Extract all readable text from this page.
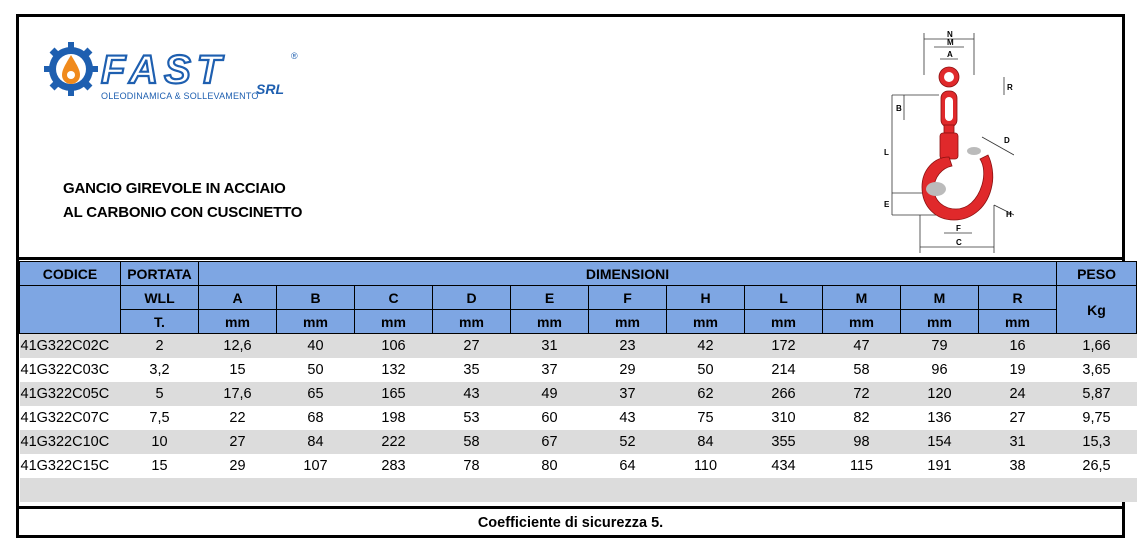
FAST SRL
®
OLEODINAMICA & SOLLEVAMENTO
GANCIO GIREVOLE IN ACCIAIO
AL CARBONIO CON CUSCINETTO
N
M
A
R
B
L
D
E
H
F
C
CODICE	PORTATA	DIMENSIONI											PESO
	WLL	A	B	C	D	E	F	H	L	M	M	R	Kg
	T.	mm	mm	mm	mm	mm	mm	mm	mm	mm	mm	mm	
41G322C02C	2	12,6	40	106	27	31	23	42	172	47	79	16	1,66
41G322C03C	3,2	15	50	132	35	37	29	50	214	58	96	19	3,65
41G322C05C	5	17,6	65	165	43	49	37	62	266	72	120	24	5,87
41G322C07C	7,5	22	68	198	53	60	43	75	310	82	136	27	9,75
41G322C10C	10	27	84	222	58	67	52	84	355	98	154	31	15,3
41G322C15C	15	29	107	283	78	80	64	110	434	115	191	38	26,5

Coefficiente di sicurezza 5.
